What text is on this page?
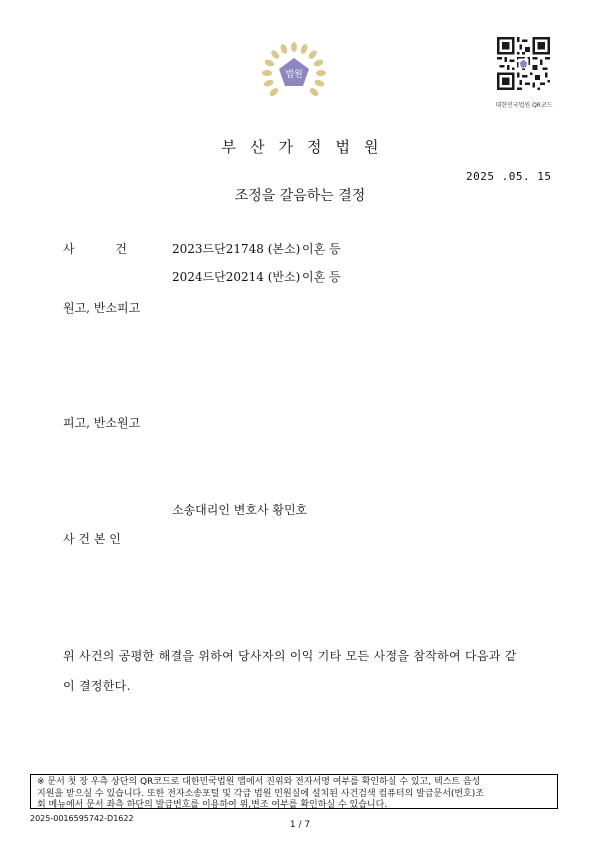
법원
대한민국법원 QR코드
부산가정법원
2025 .05. 15
조정을 갈음하는 결정
사	건	2023드단21748 (본소) 이혼 등
2024드단20214 (반소) 이혼 등
원고, 반소피고
피고, 반소원고
소송대리인 변호사 황민호
사 건 본 인
위 사건의 공평한 해결을 위하여 당사자의 이익 기타 모든 사정을 참작하여 다음과 같
이 결정한다.
※ 문서 첫 장 우측 상단의 QR코드로 대한민국법원 앱에서 진위와 전자서명 여부를 확인하실 수 있고, 텍스트 음성
지원을 받으실 수 있습니다. 또한 전자소송포털 및 각급 법원 민원실에 설치된 사건검색 컴퓨터의 발급문서(번호)조
회 메뉴에서 문서 좌측 하단의 발급번호를 이용하여 위,변조 여부를 확인하실 수 있습니다.
2025-0016595742-D1622
1 / 7
